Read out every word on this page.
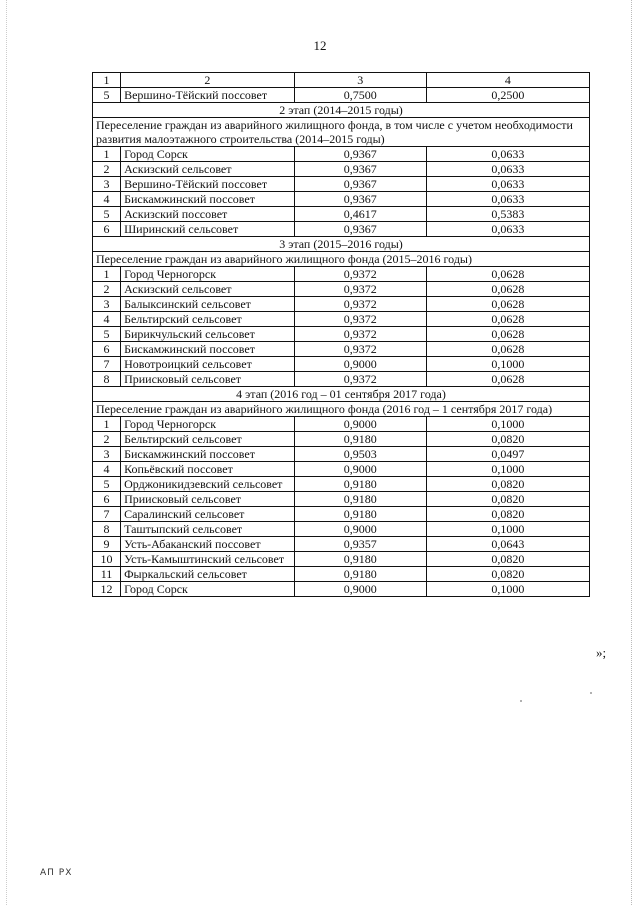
12
1	2	3	4
5	Вершино-Тёйский поссовет	0,7500	0,2500
2 этап (2014–2015 годы)			
Переселение граждан из аварийного жилищного фонда, в том числе с учетом необходимости развития малоэтажного строительства (2014–2015 годы)			
1	Город Сорск	0,9367	0,0633
2	Аскизский сельсовет	0,9367	0,0633
3	Вершино-Тёйский поссовет	0,9367	0,0633
4	Бискамжинский поссовет	0,9367	0,0633
5	Аскизский поссовет	0,4617	0,5383
6	Ширинский сельсовет	0,9367	0,0633
3 этап (2015–2016 годы)			
Переселение граждан из аварийного жилищного фонда (2015–2016 годы)			
1	Город Черногорск	0,9372	0,0628
2	Аскизский сельсовет	0,9372	0,0628
3	Балыксинский сельсовет	0,9372	0,0628
4	Бельтирский сельсовет	0,9372	0,0628
5	Бирикчульский сельсовет	0,9372	0,0628
6	Бискамжинский поссовет	0,9372	0,0628
7	Новотроицкий сельсовет	0,9000	0,1000
8	Приисковый сельсовет	0,9372	0,0628
4 этап (2016 год – 01 сентября 2017 года)			
Переселение граждан из аварийного жилищного фонда (2016 год – 1 сентября 2017 года)			
1	Город Черногорск	0,9000	0,1000
2	Бельтирский сельсовет	0,9180	0,0820
3	Бискамжинский поссовет	0,9503	0,0497
4	Копьёвский поссовет	0,9000	0,1000
5	Орджоникидзевский сельсовет	0,9180	0,0820
6	Приисковый сельсовет	0,9180	0,0820
7	Саралинский сельсовет	0,9180	0,0820
8	Таштыпский сельсовет	0,9000	0,1000
9	Усть-Абаканский поссовет	0,9357	0,0643
10	Усть-Камыштинский сельсовет	0,9180	0,0820
11	Фыркальский сельсовет	0,9180	0,0820
12	Город Сорск	0,9000	0,1000
»;
АП РХ
